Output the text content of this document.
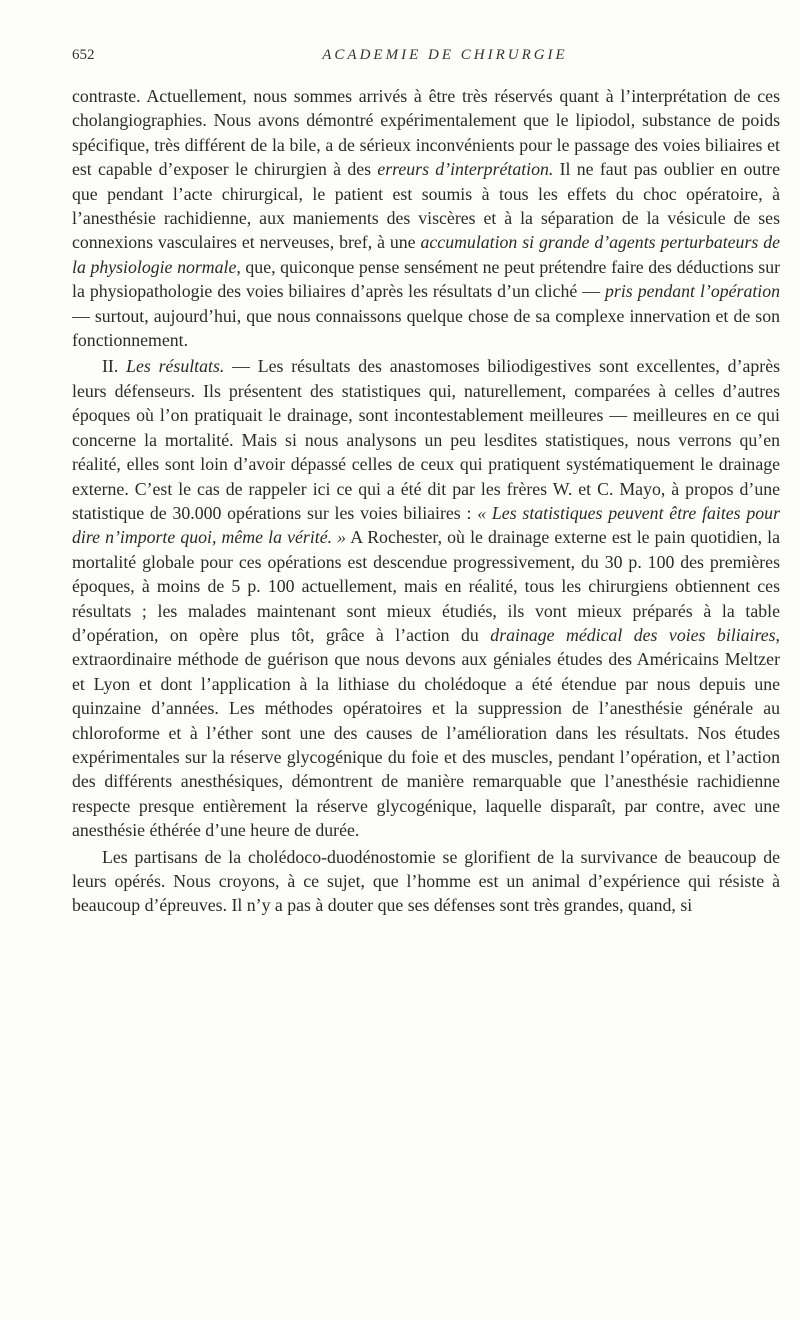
652	ACADEMIE DE CHIRURGIE

contraste. Actuellement, nous sommes arrivés à être très réservés quant à l’interprétation de ces cholangiographies. Nous avons démontré expérimentalement que le lipiodol, substance de poids spécifique, très différent de la bile, a de sérieux inconvénients pour le passage des voies biliaires et est capable d’exposer le chirurgien à des erreurs d’interprétation. Il ne faut pas oublier en outre que pendant l’acte chirurgical, le patient est soumis à tous les effets du choc opératoire, à l’anesthésie rachidienne, aux maniements des viscères et à la séparation de la vésicule de ses connexions vasculaires et nerveuses, bref, à une accumulation si grande d’agents perturbateurs de la physiologie normale, que, quiconque pense sensément ne peut prétendre faire des déductions sur la physiopathologie des voies biliaires d’après les résultats d’un cliché — pris pendant l’opération — surtout, aujourd’hui, que nous connaissons quelque chose de sa complexe innervation et de son fonctionnement.

II. Les résultats. — Les résultats des anastomoses biliodigestives sont excellentes, d’après leurs défenseurs. Ils présentent des statistiques qui, naturellement, comparées à celles d’autres époques où l’on pratiquait le drainage, sont incontestablement meilleures — meilleures en ce qui concerne la mortalité. Mais si nous analysons un peu lesdites statistiques, nous verrons qu’en réalité, elles sont loin d’avoir dépassé celles de ceux qui pratiquent systématiquement le drainage externe. C’est le cas de rappeler ici ce qui a été dit par les frères W. et C. Mayo, à propos d’une statistique de 30.000 opérations sur les voies biliaires : « Les statistiques peuvent être faites pour dire n’importe quoi, même la vérité. » A Rochester, où le drainage externe est le pain quotidien, la mortalité globale pour ces opérations est descendue progressivement, du 30 p. 100 des premières époques, à moins de 5 p. 100 actuellement, mais en réalité, tous les chirurgiens obtiennent ces résultats ; les malades maintenant sont mieux étudiés, ils vont mieux préparés à la table d’opération, on opère plus tôt, grâce à l’action du drainage médical des voies biliaires, extraordinaire méthode de guérison que nous devons aux géniales études des Américains Meltzer et Lyon et dont l’application à la lithiase du cholédoque a été étendue par nous depuis une quinzaine d’années. Les méthodes opératoires et la suppression de l’anesthésie générale au chloroforme et à l’éther sont une des causes de l’amélioration dans les résultats. Nos études expérimentales sur la réserve glycogénique du foie et des muscles, pendant l’opération, et l’action des différents anesthésiques, démontrent de manière remarquable que l’anesthésie rachidienne respecte presque entièrement la réserve glycogénique, laquelle disparaît, par contre, avec une anesthésie éthérée d’une heure de durée.

Les partisans de la cholédoco-duodénostomie se glorifient de la survivance de beaucoup de leurs opérés. Nous croyons, à ce sujet, que l’homme est un animal d’expérience qui résiste à beaucoup d’épreuves. Il n’y a pas à douter que ses défenses sont très grandes, quand, si
